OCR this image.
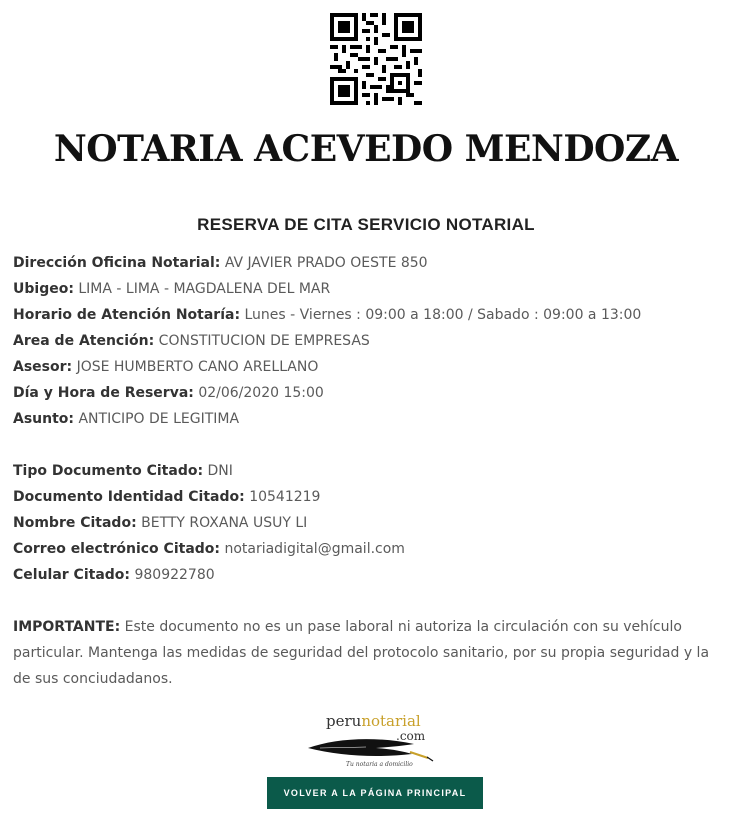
NOTARIA ACEVEDO MENDOZA
RESERVA DE CITA SERVICIO NOTARIAL
Dirección Oficina Notarial: AV JAVIER PRADO OESTE 850
Ubigeo: LIMA - LIMA - MAGDALENA DEL MAR
Horario de Atención Notaría: Lunes - Viernes : 09:00 a 18:00 / Sabado : 09:00 a 13:00
Area de Atención: CONSTITUCION DE EMPRESAS
Asesor: JOSE HUMBERTO CANO ARELLANO
Día y Hora de Reserva: 02/06/2020 15:00
Asunto: ANTICIPO DE LEGITIMA
Tipo Documento Citado: DNI
Documento Identidad Citado: 10541219
Nombre Citado: BETTY ROXANA USUY LI
Correo electrónico Citado: notariadigital@gmail.com
Celular Citado: 980922780
IMPORTANTE: Este documento no es un pase laboral ni autoriza la circulación con su vehículo particular. Mantenga las medidas de seguridad del protocolo sanitario, por su propia seguridad y la de sus conciudadanos.
perunotarial
.com
Tu notaria a domicilio
VOLVER A LA PÁGINA PRINCIPAL
